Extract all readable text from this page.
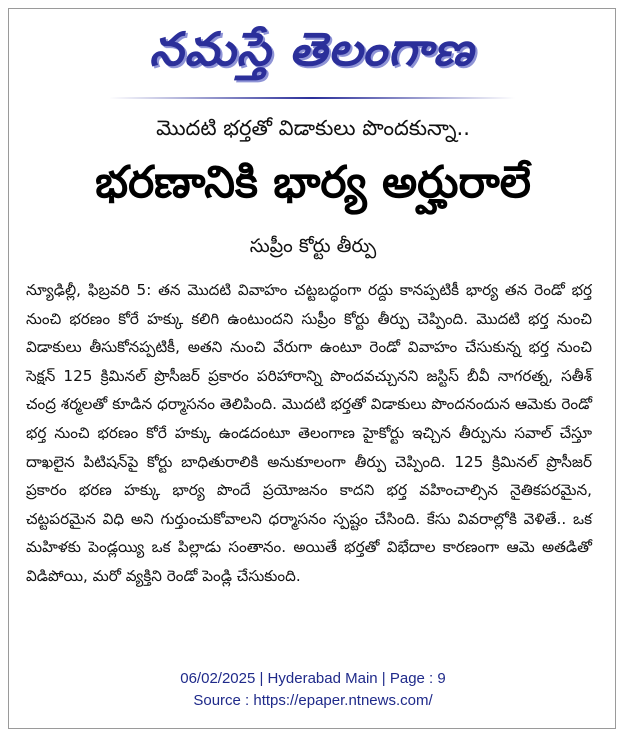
నమస్తే తెలంగాణ
మొదటి భర్తతో విడాకులు పొందకున్నా..
భరణానికి భార్య అర్హురాలే
సుప్రీం కోర్టు తీర్పు
న్యూఢిల్లీ, ఫిబ్రవరి 5: తన మొదటి వివాహం చట్టబద్ధంగా రద్దు కానప్పటికీ భార్య తన రెండో భర్త నుంచి భరణం కోరే హక్కు కలిగి ఉంటుందని సుప్రీం కోర్టు తీర్పు చెప్పింది. మొదటి భర్త నుంచి విడాకులు తీసుకోనప్పటికీ, అతని నుంచి వేరుగా ఉంటూ రెండో వివాహం చేసుకున్న భర్త నుంచి సెక్షన్ 125 క్రిమినల్ ప్రొసీజర్ ప్రకారం పరిహారాన్ని పొందవచ్చునని జస్టిస్ బీవీ నాగరత్న, సతీశ్ చంద్ర శర్మలతో కూడిన ధర్మాసనం తెలిపింది. మొదటి భర్తతో విడాకులు పొందనందున ఆమెకు రెండో భర్త నుంచి భరణం కోరే హక్కు ఉండదంటూ తెలంగాణ హైకోర్టు ఇచ్చిన తీర్పును సవాల్ చేస్తూ దాఖలైన పిటిషన్‌పై కోర్టు బాధితురాలికి అనుకూలంగా తీర్పు చెప్పింది. 125 క్రిమినల్ ప్రొసీజర్ ప్రకారం భరణ హక్కు భార్య పొందే ప్రయోజనం కాదని భర్త వహించాల్సిన నైతికపరమైన, చట్టపరమైన విధి అని గుర్తుంచుకోవాలని ధర్మాసనం స్పష్టం చేసింది. కేసు వివరాల్లోకి వెళితే.. ఒక మహిళకు పెండ్లయ్యి ఒక పిల్లాడు సంతానం. అయితే భర్తతో విభేదాల కారణంగా ఆమె అతడితో విడిపోయి, మరో వ్యక్తిని రెండో పెండ్లి చేసుకుంది.
06/02/2025 | Hyderabad Main | Page : 9
Source : https://epaper.ntnews.com/
